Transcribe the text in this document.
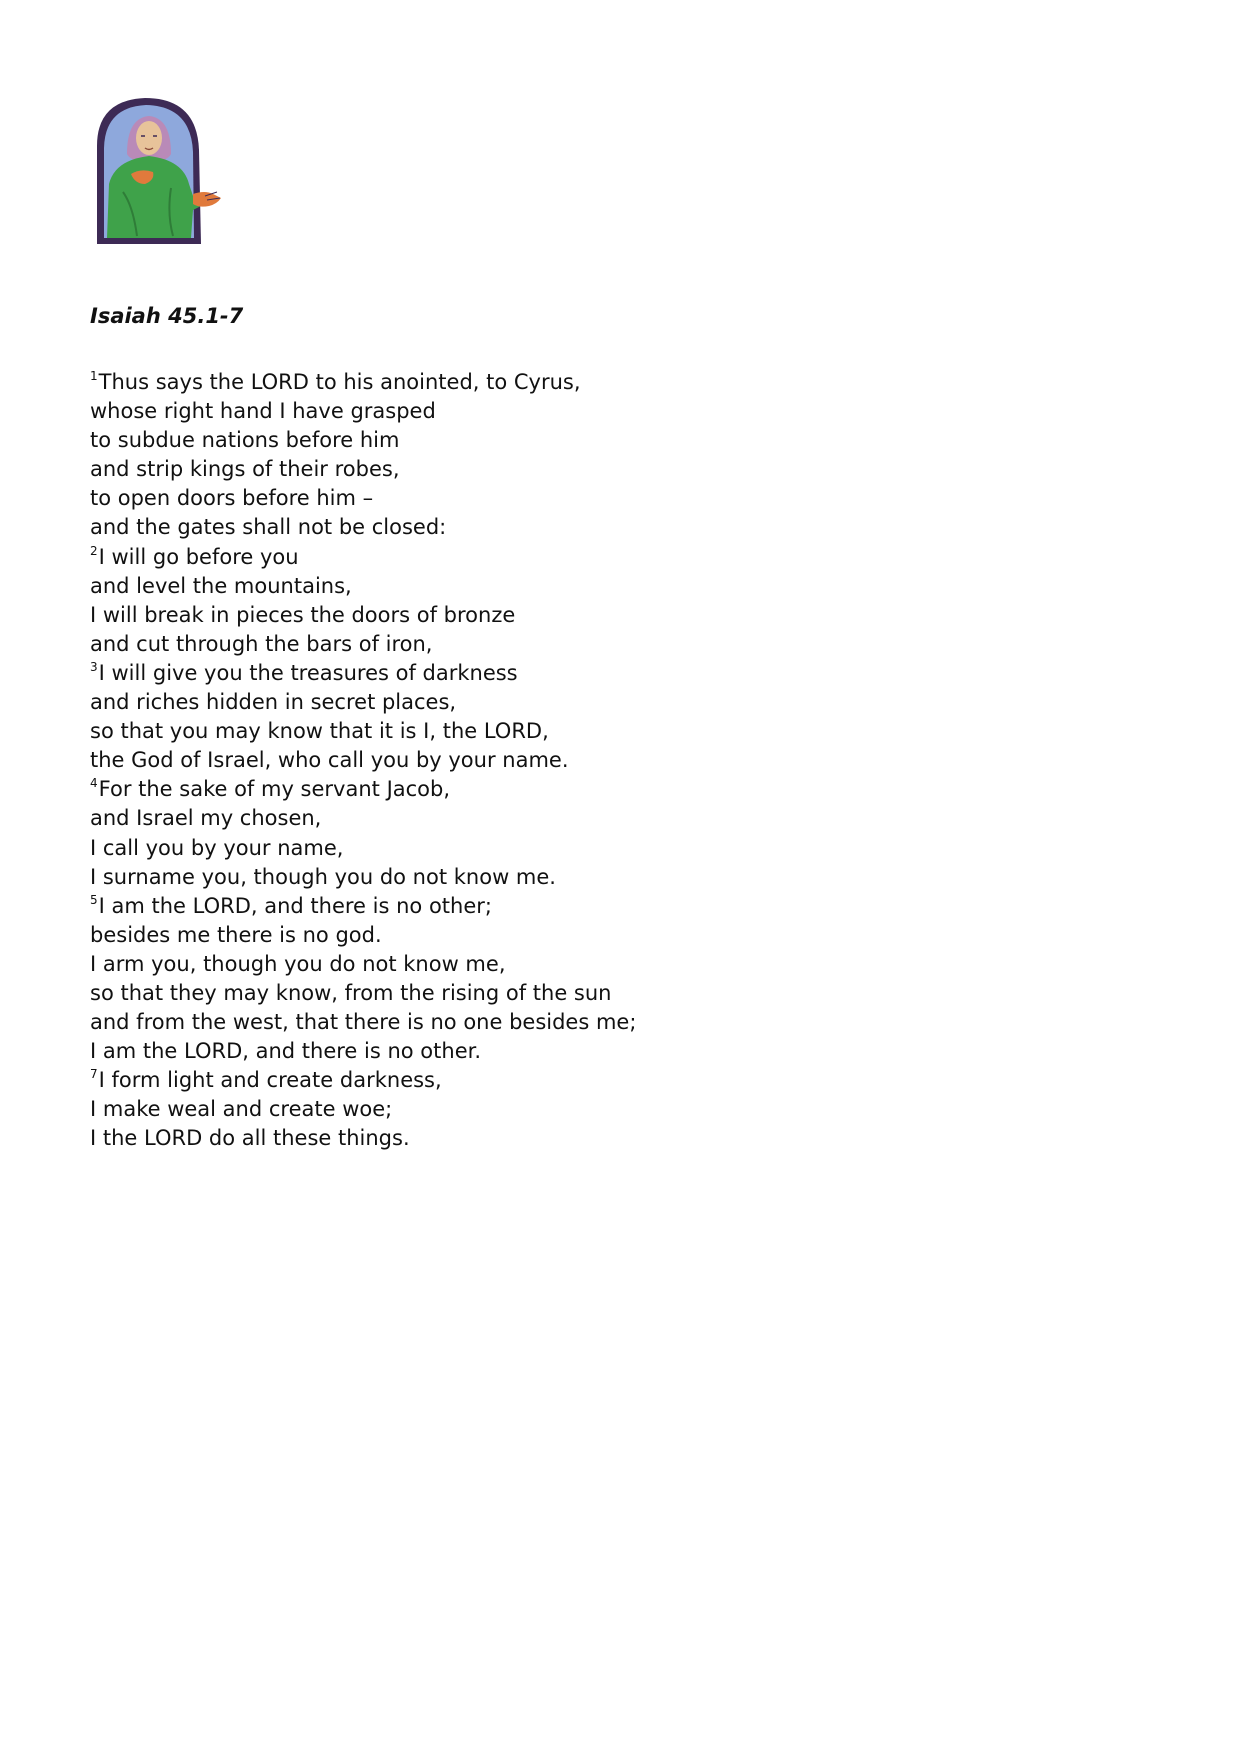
Isaiah 45.1-7
$^1$Thus says the LORD to his anointed, to Cyrus,
whose right hand I have grasped
to subdue nations before him
and strip kings of their robes,
to open doors before him –
and the gates shall not be closed:
$^2$I will go before you
and level the mountains,
I will break in pieces the doors of bronze
and cut through the bars of iron,
$^3$I will give you the treasures of darkness
and riches hidden in secret places,
so that you may know that it is I, the LORD,
the God of Israel, who call you by your name.
$^4$For the sake of my servant Jacob,
and Israel my chosen,
I call you by your name,
I surname you, though you do not know me.
$^5$I am the LORD, and there is no other;
besides me there is no god.
I arm you, though you do not know me,
so that they may know, from the rising of the sun
and from the west, that there is no one besides me;
I am the LORD, and there is no other.
$^7$I form light and create darkness,
I make weal and create woe;
I the LORD do all these things.
